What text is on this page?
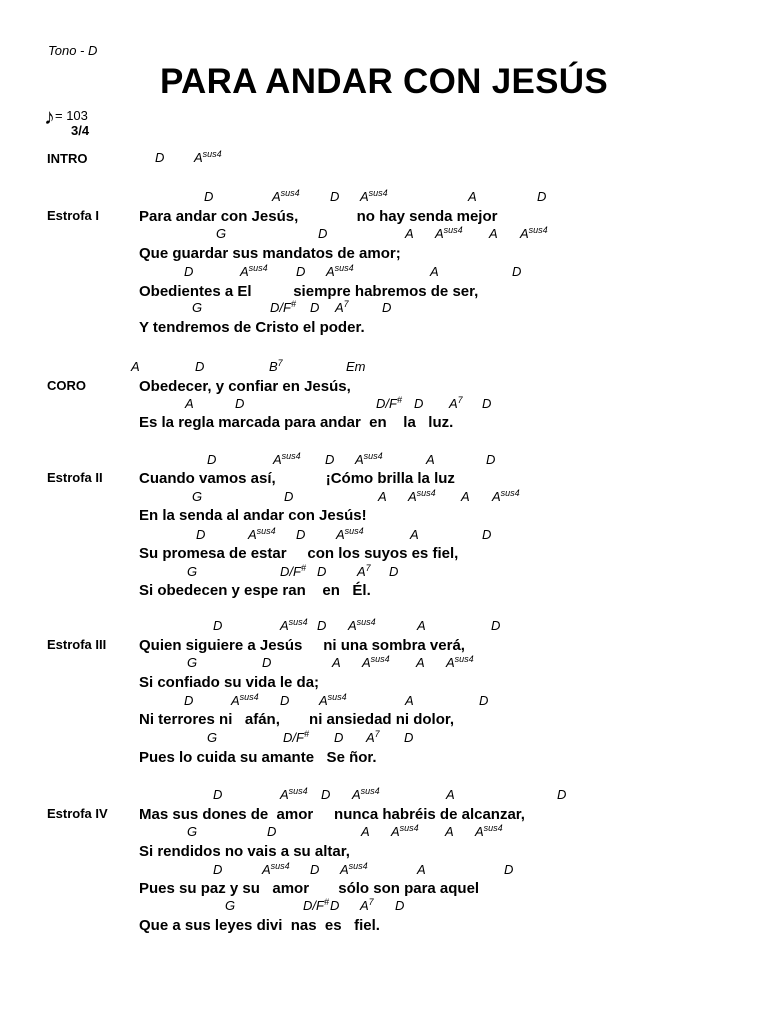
Tono - D
PARA ANDAR CON JESÚS
♪= 103
3/4
INTRO	D $A^{sus4}$
Estrofa I
D	$A^{sus4}$ D $A^{sus4}$	A	D
Para andar con Jesús,              no hay senda mejor
G	D	A $A^{sus4}$ A $A^{sus4}$
Que guardar sus mandatos de amor;
D	$A^{sus4}$ D $A^{sus4}$	A	D
Obedientes a El          siempre habremos de ser,
G	D/F# D $A^7$	D
Y tendremos de Cristo el poder.
CORO
A	D	$B^7$	Em
Obedecer, y confiar en Jesús,
A	D	D/F# D $A^7$ D
Es la regla marcada para andar  en    la   luz.
Estrofa II
D	$A^{sus4}$ D $A^{sus4}$	A	D
Cuando vamos así,            ¡Cómo brilla la luz
G	D	A $A^{sus4}$ A $A^{sus4}$
En la senda al andar con Jesús!
D	$A^{sus4}$ D $A^{sus4}$	A	D
Su promesa de estar     con los suyos es fiel,
G	D/F# D $A^7$ D
Si obedecen y espe ran    en   Él.
Estrofa III
D	$A^{sus4}$ D $A^{sus4}$	A	D
Quien siguiere a Jesús     ni una sombra verá,
G	D	A $A^{sus4}$ A $A^{sus4}$
Si confiado su vida le da;
D	$A^{sus4}$ D $A^{sus4}$	A	D
Ni terrores ni   afán,       ni ansiedad ni dolor,
G	D/F# D $A^7$ D
Pues lo cuida su amante   Se ñor.
Estrofa IV
D	$A^{sus4}$ D $A^{sus4}$	A	D
Mas sus dones de  amor     nunca habréis de alcanzar,
G	D	A $A^{sus4}$ A $A^{sus4}$
Si rendidos no vais a su altar,
D	$A^{sus4}$ D $A^{sus4}$	A	D
Pues su paz y su   amor       sólo son para aquel
G	D/F# D $A^7$ D
Que a sus leyes divi  nas  es   fiel.
